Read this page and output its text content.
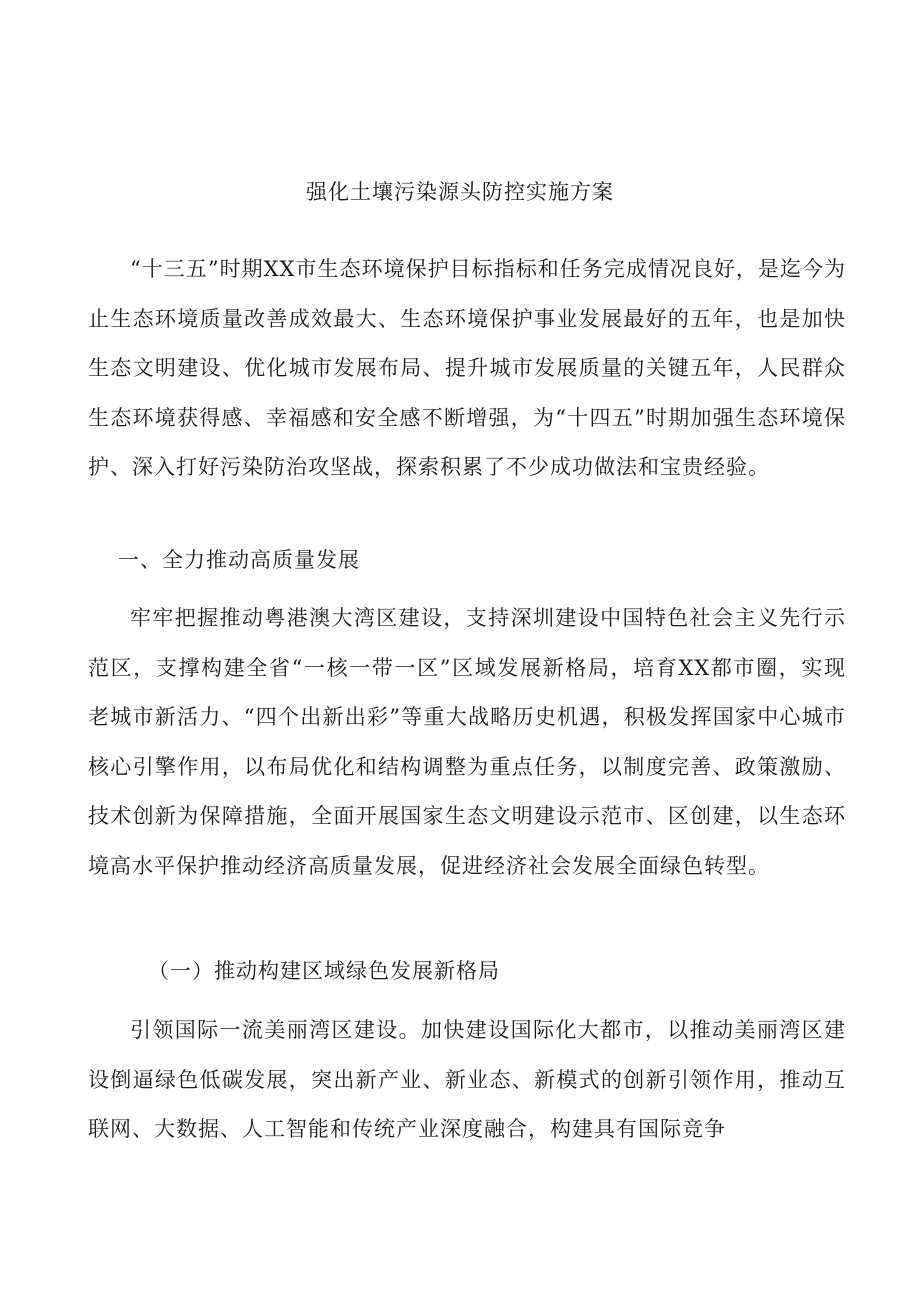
强化土壤污染源头防控实施方案

“十三五”时期XX市生态环境保护目标指标和任务完成情况良好，是迄今为止生态环境质量改善成效最大、生态环境保护事业发展最好的五年，也是加快生态文明建设、优化城市发展布局、提升城市发展质量的关键五年，人民群众生态环境获得感、幸福感和安全感不断增强，为“十四五”时期加强生态环境保护、深入打好污染防治攻坚战，探索积累了不少成功做法和宝贵经验。

一、全力推动高质量发展

牢牢把握推动粤港澳大湾区建设，支持深圳建设中国特色社会主义先行示范区，支撑构建全省“一核一带一区”区域发展新格局，培育XX都市圈，实现老城市新活力、“四个出新出彩”等重大战略历史机遇，积极发挥国家中心城市核心引擎作用，以布局优化和结构调整为重点任务，以制度完善、政策激励、技术创新为保障措施，全面开展国家生态文明建设示范市、区创建，以生态环境高水平保护推动经济高质量发展，促进经济社会发展全面绿色转型。

（一）推动构建区域绿色发展新格局

引领国际一流美丽湾区建设。加快建设国际化大都市，以推动美丽湾区建设倒逼绿色低碳发展，突出新产业、新业态、新模式的创新引领作用，推动互联网、大数据、人工智能和传统产业深度融合，构建具有国际竞争
